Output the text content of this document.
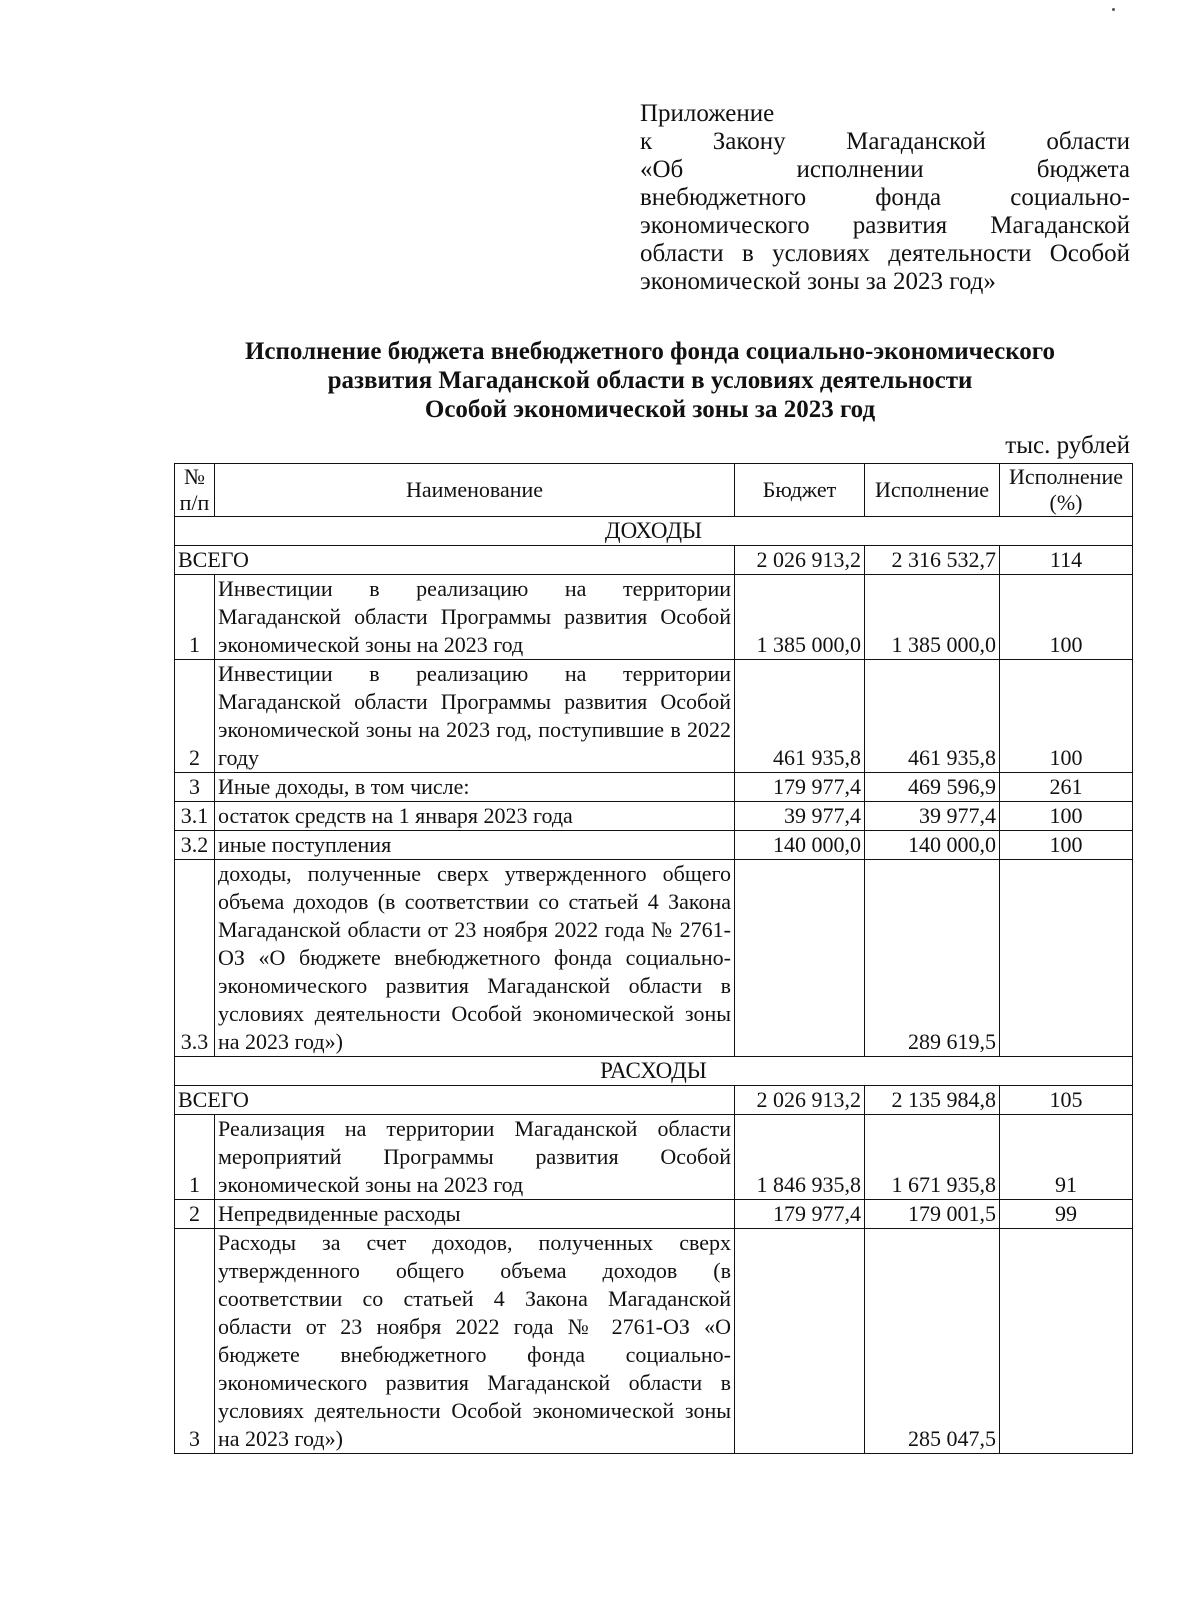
Приложение
к Закону Магаданской области
«Об исполнении бюджета
внебюджетного фонда социально-
экономического развития Магаданской
области в условиях деятельности Особой
экономической зоны за 2023 год»
Исполнение бюджета внебюджетного фонда социально-экономического
развития Магаданской области в условиях деятельности
Особой экономической зоны за 2023 год
тыс. рублей
№ п/п	Наименование	Бюджет	Исполнение	Исполнение (%)
ДОХОДЫ				
ВСЕГО		2 026 913,2	2 316 532,7	114
1	Инвестиции в реализацию на территории Магаданской области Программы развития Особой экономической зоны на 2023 год	1 385 000,0	1 385 000,0	100
2	Инвестиции в реализацию на территории Магаданской области Программы развития Особой экономической зоны на 2023 год, поступившие в 2022 году	461 935,8	461 935,8	100
3	Иные доходы, в том числе:	179 977,4	469 596,9	261
3.1	остаток средств на 1 января 2023 года	39 977,4	39 977,4	100
3.2	иные поступления	140 000,0	140 000,0	100
3.3	доходы, полученные сверх утвержденного общего объема доходов (в соответствии со статьей 4 Закона Магаданской области от 23 ноября 2022 года № 2761-ОЗ «О бюджете внебюджетного фонда социально-экономического развития Магаданской области в условиях деятельности Особой экономической зоны на 2023 год»)		289 619,5	
РАСХОДЫ				
ВСЕГО		2 026 913,2	2 135 984,8	105
1	Реализация на территории Магаданской области мероприятий Программы развития Особой экономической зоны на 2023 год	1 846 935,8	1 671 935,8	91
2	Непредвиденные расходы	179 977,4	179 001,5	99
3	Расходы за счет доходов, полученных сверх утвержденного общего объема доходов (в соответствии со статьей 4 Закона Магаданской области от 23 ноября 2022 года № 2761-ОЗ «О бюджете внебюджетного фонда социально-экономического развития Магаданской области в условиях деятельности Особой экономической зоны на 2023 год»)		285 047,5	
